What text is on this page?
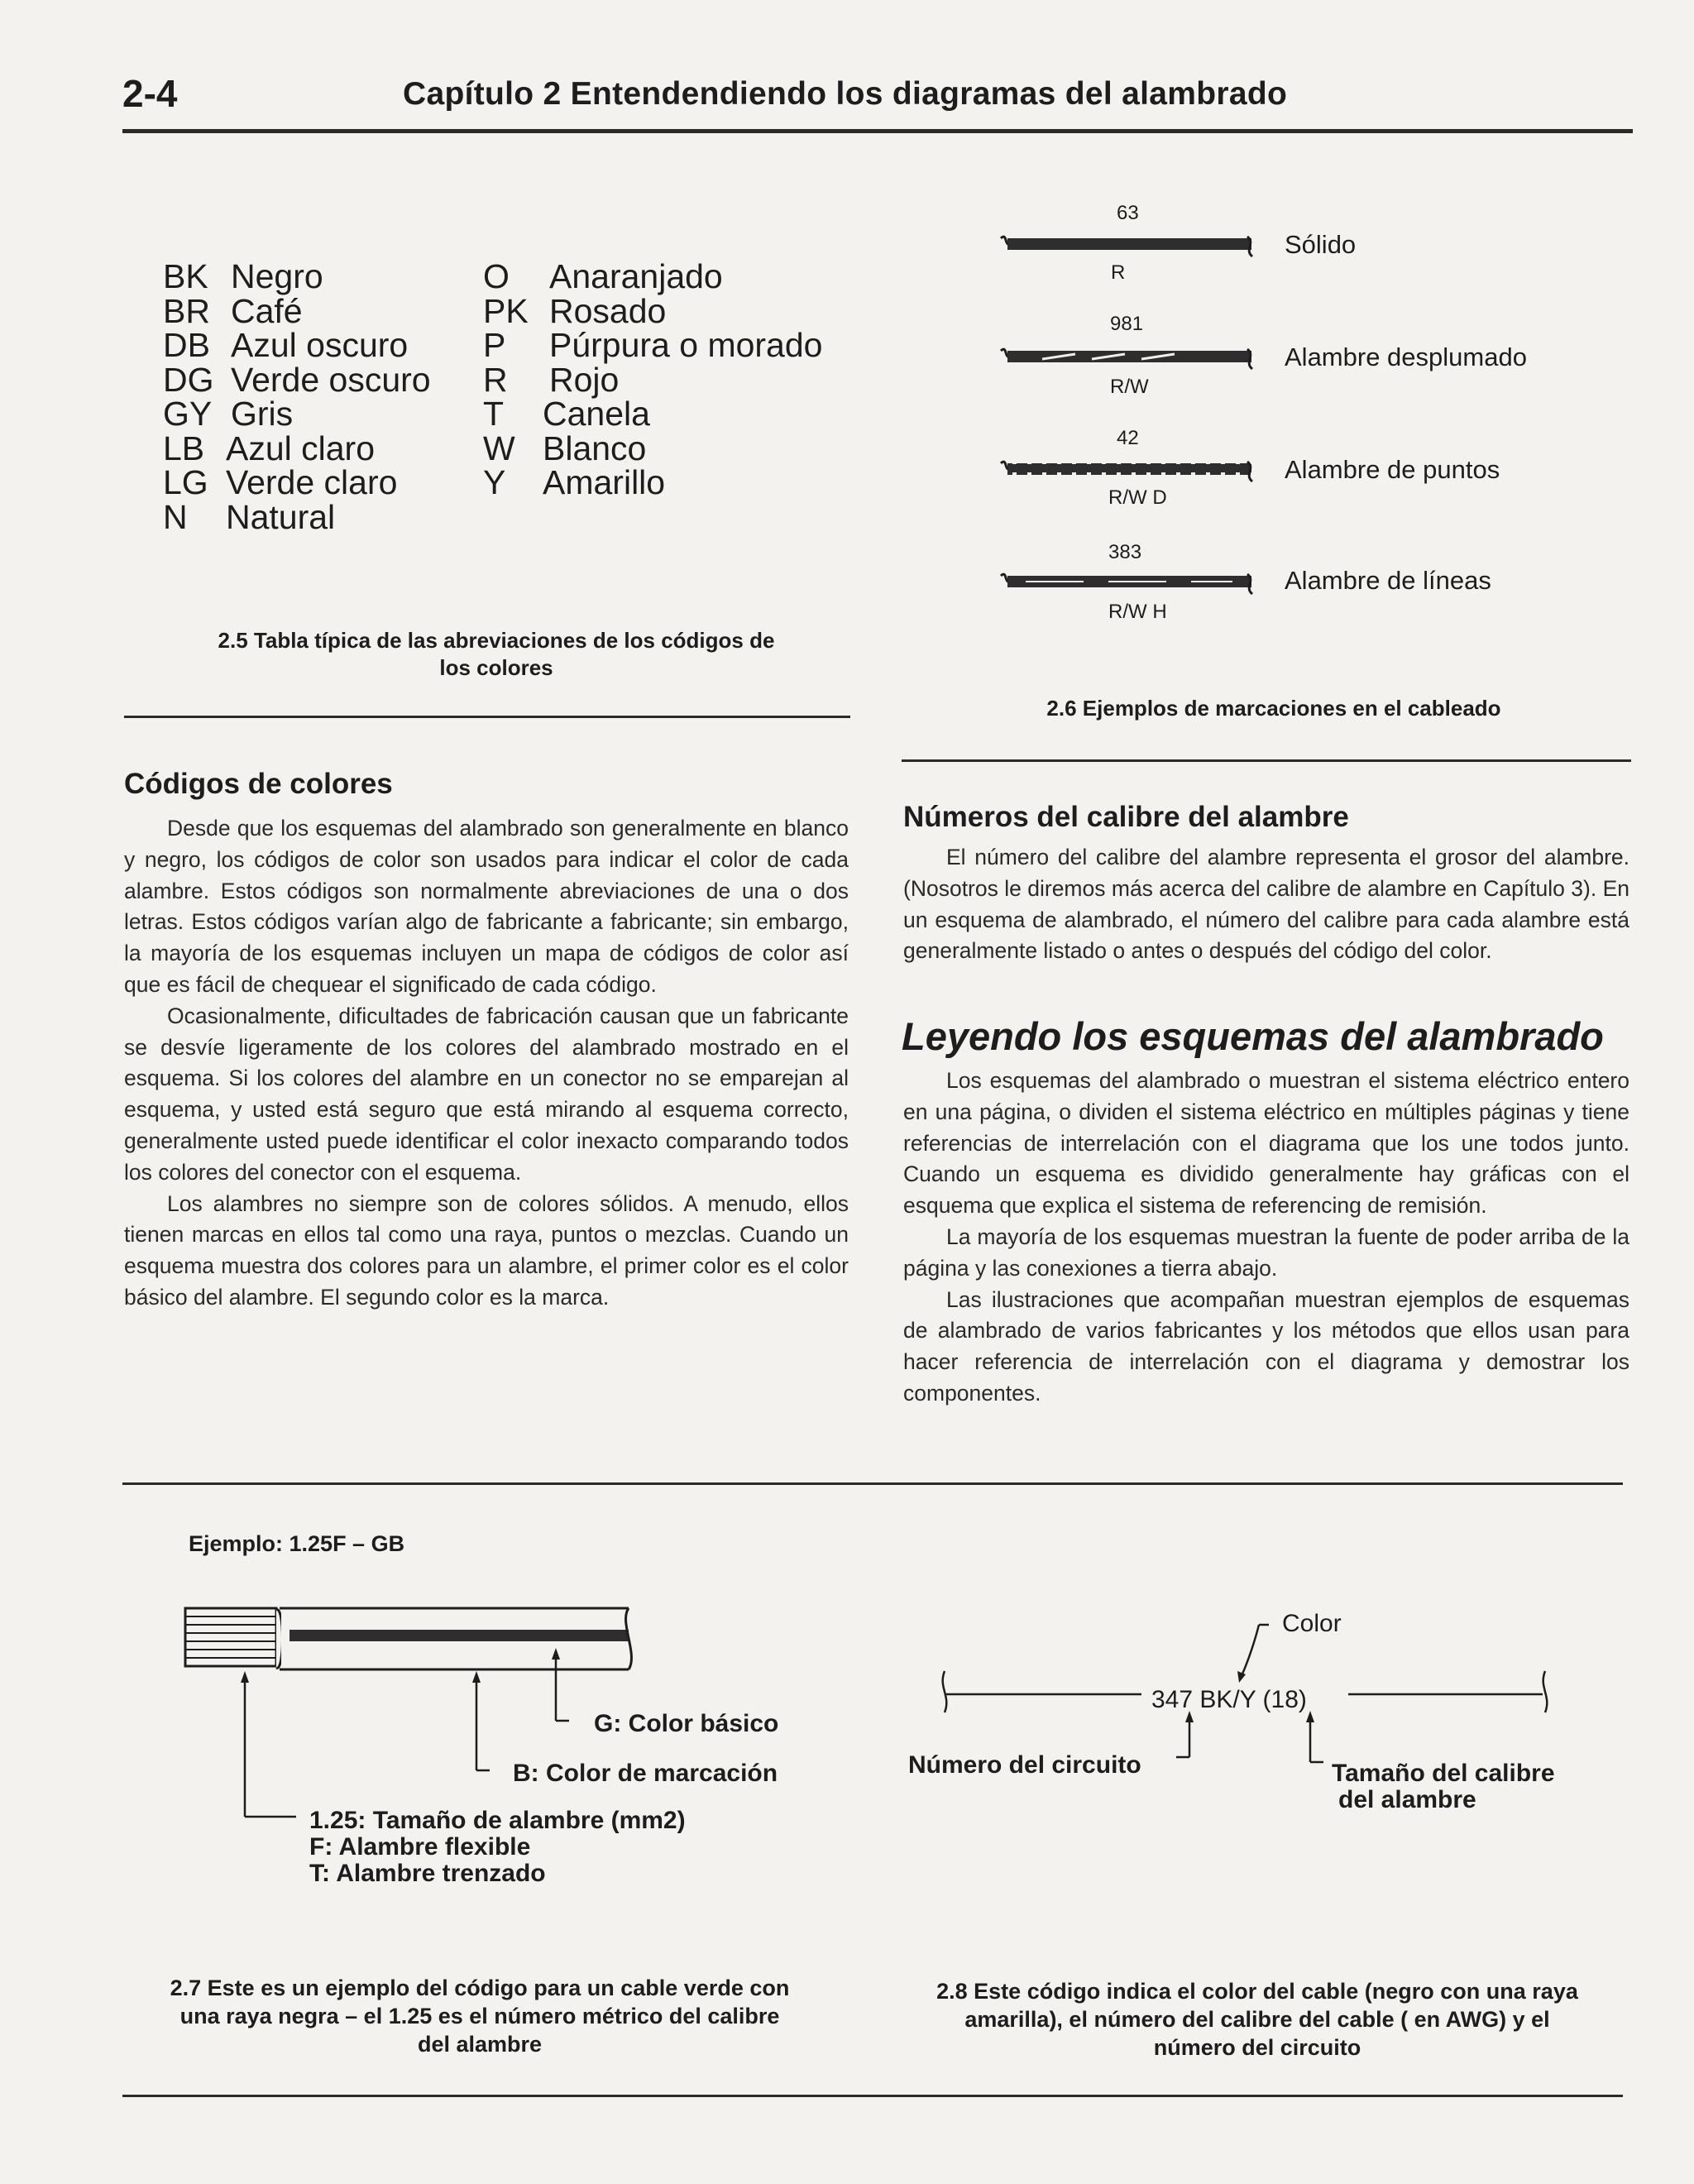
2-4	Capítulo 2 Entendendiendo los diagramas del alambrado
BK Negro
BR Café
DB Azul oscuro
DG Verde oscuro
GY Gris
LB Azul claro
LG Verde claro
N Natural
O Anaranjado
PK Rosado
P Púrpura o morado
R Rojo
T Canela
W Blanco
Y Amarillo
2.5 Tabla típica de las abreviaciones de los códigos de
los colores
63
R
Sólido
981
R/W
Alambre desplumado
42
R/W D
Alambre de puntos
383
R/W H
Alambre de líneas
2.6 Ejemplos de marcaciones en el cableado
Códigos de colores

Desde que los esquemas del alambrado son generalmente en blanco y negro, los códigos de color son usados para indicar el color de cada alambre. Estos códigos son normalmente abreviaciones de una o dos letras. Estos códigos varían algo de fabricante a fabricante; sin embargo, la mayoría de los esquemas incluyen un mapa de códigos de color así que es fácil de chequear el significado de cada código.

Ocasionalmente, dificultades de fabricación causan que un fabricante se desvíe ligeramente de los colores del alambrado mostrado en el esquema. Si los colores del alambre en un conector no se emparejan al esquema, y usted está seguro que está mirando al esquema correcto, generalmente usted puede identificar el color inexacto comparando todos los colores del conector con el esquema.

Los alambres no siempre son de colores sólidos. A menudo, ellos tienen marcas en ellos tal como una raya, puntos o mezclas. Cuando un esquema muestra dos colores para un alambre, el primer color es el color básico del alambre. El segundo color es la marca.

Números del calibre del alambre

El número del calibre del alambre representa el grosor del alambre. (Nosotros le diremos más acerca del calibre de alambre en Capítulo 3). En un esquema de alambrado, el número del calibre para cada alambre está generalmente listado o antes o después del código del color.

Leyendo los esquemas del alambrado

Los esquemas del alambrado o muestran el sistema eléctrico entero en una página, o dividen el sistema eléctrico en múltiples páginas y tiene referencias de interrelación con el diagrama que los une todos junto. Cuando un esquema es dividido generalmente hay gráficas con el esquema que explica el sistema de referencing de remisión.

La mayoría de los esquemas muestran la fuente de poder arriba de la página y las conexiones a tierra abajo.

Las ilustraciones que acompañan muestran ejemplos de esquemas de alambrado de varios fabricantes y los métodos que ellos usan para hacer referencia de interrelación con el diagrama y demostrar los componentes.

Ejemplo: 1.25F – GB
G: Color básico
B: Color de marcación
1.25: Tamaño de alambre (mm2)
F: Alambre flexible
T: Alambre trenzado
2.7 Este es un ejemplo del código para un cable verde con
una raya negra – el 1.25 es el número métrico del calibre
del alambre
347 BK/Y (18)
Color
Número del circuito	Tamaño del calibre
del alambre
2.8 Este código indica el color del cable (negro con una raya
amarilla), el número del calibre del cable ( en AWG) y el
número del circuito
